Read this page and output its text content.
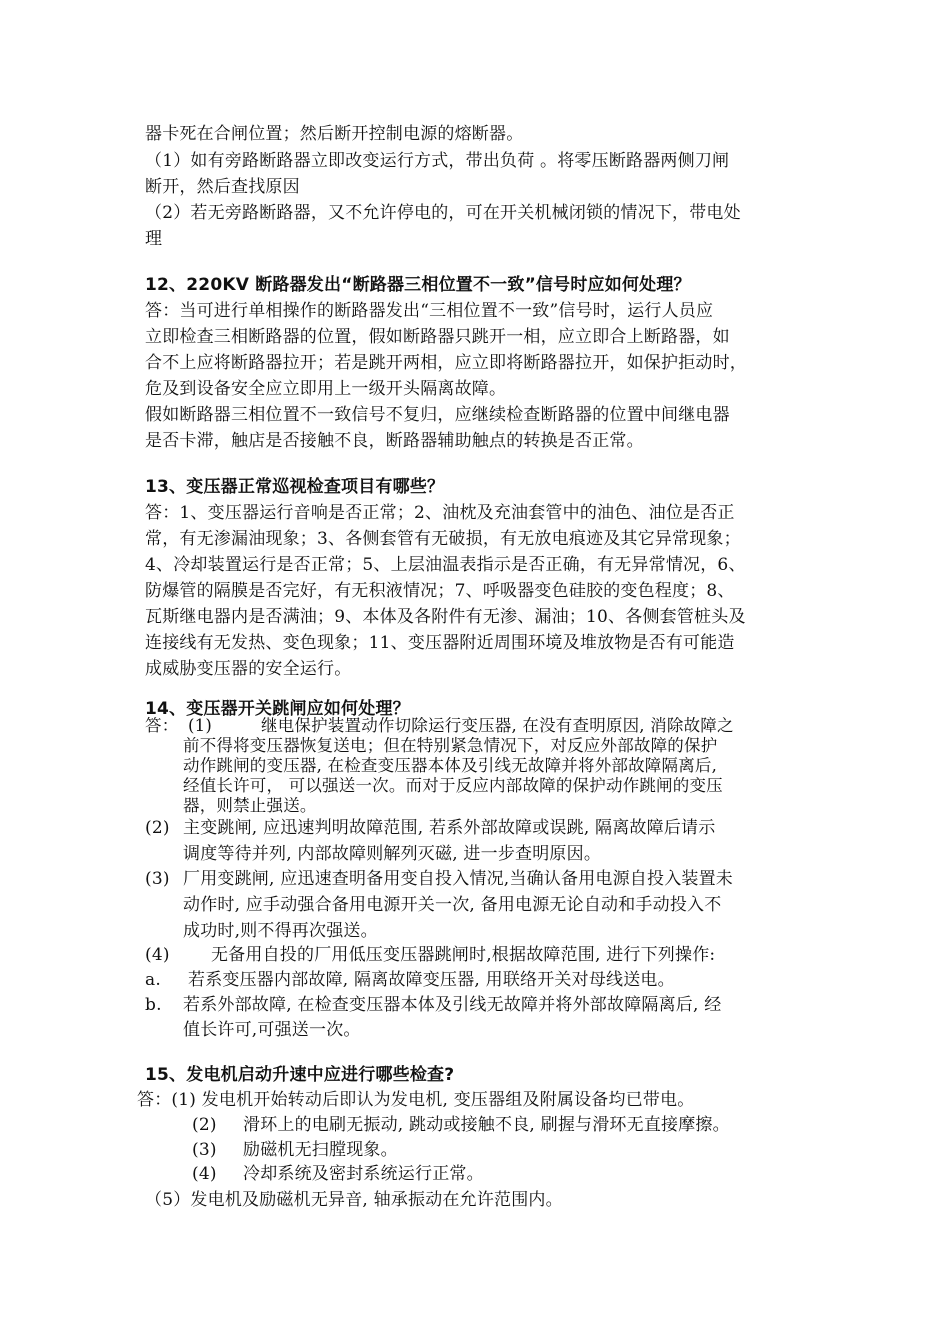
器卡死在合闸位置；然后断开控制电源的熔断器。
（1）如有旁路断路器立即改变运行方式，带出负荷 。将零压断路器两侧刀闸
断开，然后查找原因
（2）若无旁路断路器，又不允许停电的，可在开关机械闭锁的情况下，带电处
理
12、220KV 断路器发出“断路器三相位置不一致”信号时应如何处理？
答：当可进行单相操作的断路器发出“三相位置不一致”信号时，运行人员应
立即检查三相断路器的位置，假如断路器只跳开一相，应立即合上断路器，如
合不上应将断路器拉开；若是跳开两相，应立即将断路器拉开，如保护拒动时，
危及到设备安全应立即用上一级开头隔离故障。
假如断路器三相位置不一致信号不复归，应继续检查断路器的位置中间继电器
是否卡滞，触店是否接触不良，断路器辅助触点的转换是否正常。
13、变压器正常巡视检查项目有哪些？
答：1、变压器运行音响是否正常；2、油枕及充油套管中的油色、油位是否正
常，有无渗漏油现象；3、各侧套管有无破损，有无放电痕迹及其它异常现象；
4、冷却装置运行是否正常；5、上层油温表指示是否正确，有无异常情况，6、
防爆管的隔膜是否完好，有无积液情况；7、呼吸器变色硅胶的变色程度；8、
瓦斯继电器内是否满油；9、本体及各附件有无渗、漏油；10、各侧套管桩头及
连接线有无发热、变色现象；11、变压器附近周围环境及堆放物是否有可能造
成威胁变压器的安全运行。
14、变压器开关跳闸应如何处理？
答： (1)	继电保护装置动作切除运行变压器, 在没有查明原因, 消除故障之
前不得将变压器恢复送电；但在特别紧急情况下，对反应外部故障的保护
动作跳闸的变压器, 在检查变压器本体及引线无故障并将外部故障隔离后,
经值长许可， 可以强送一次。而对于反应内部故障的保护动作跳闸的变压
器，则禁止强送。
(2) 主变跳闸, 应迅速判明故障范围, 若系外部故障或误跳, 隔离故障后请示
调度等待并列, 内部故障则解列灭磁, 进一步查明原因。
(3) 厂用变跳闸, 应迅速查明备用变自投入情况,当确认备用电源自投入装置未
动作时, 应手动强合备用电源开关一次, 备用电源无论自动和手动投入不
成功时,则不得再次强送。
(4) 无备用自投的厂用低压变压器跳闸时,根据故障范围, 进行下列操作:
a. 若系变压器内部故障, 隔离故障变压器, 用联络开关对母线送电。
b. 若系外部故障, 在检查变压器本体及引线无故障并将外部故障隔离后, 经
值长许可,可强送一次。
15、发电机启动升速中应进行哪些检查?
答：(1) 发电机开始转动后即认为发电机, 变压器组及附属设备均已带电。
(2) 滑环上的电刷无振动, 跳动或接触不良, 刷握与滑环无直接摩擦。
(3) 励磁机无扫膛现象。
(4) 冷却系统及密封系统运行正常。
（5）发电机及励磁机无异音, 轴承振动在允许范围内。
